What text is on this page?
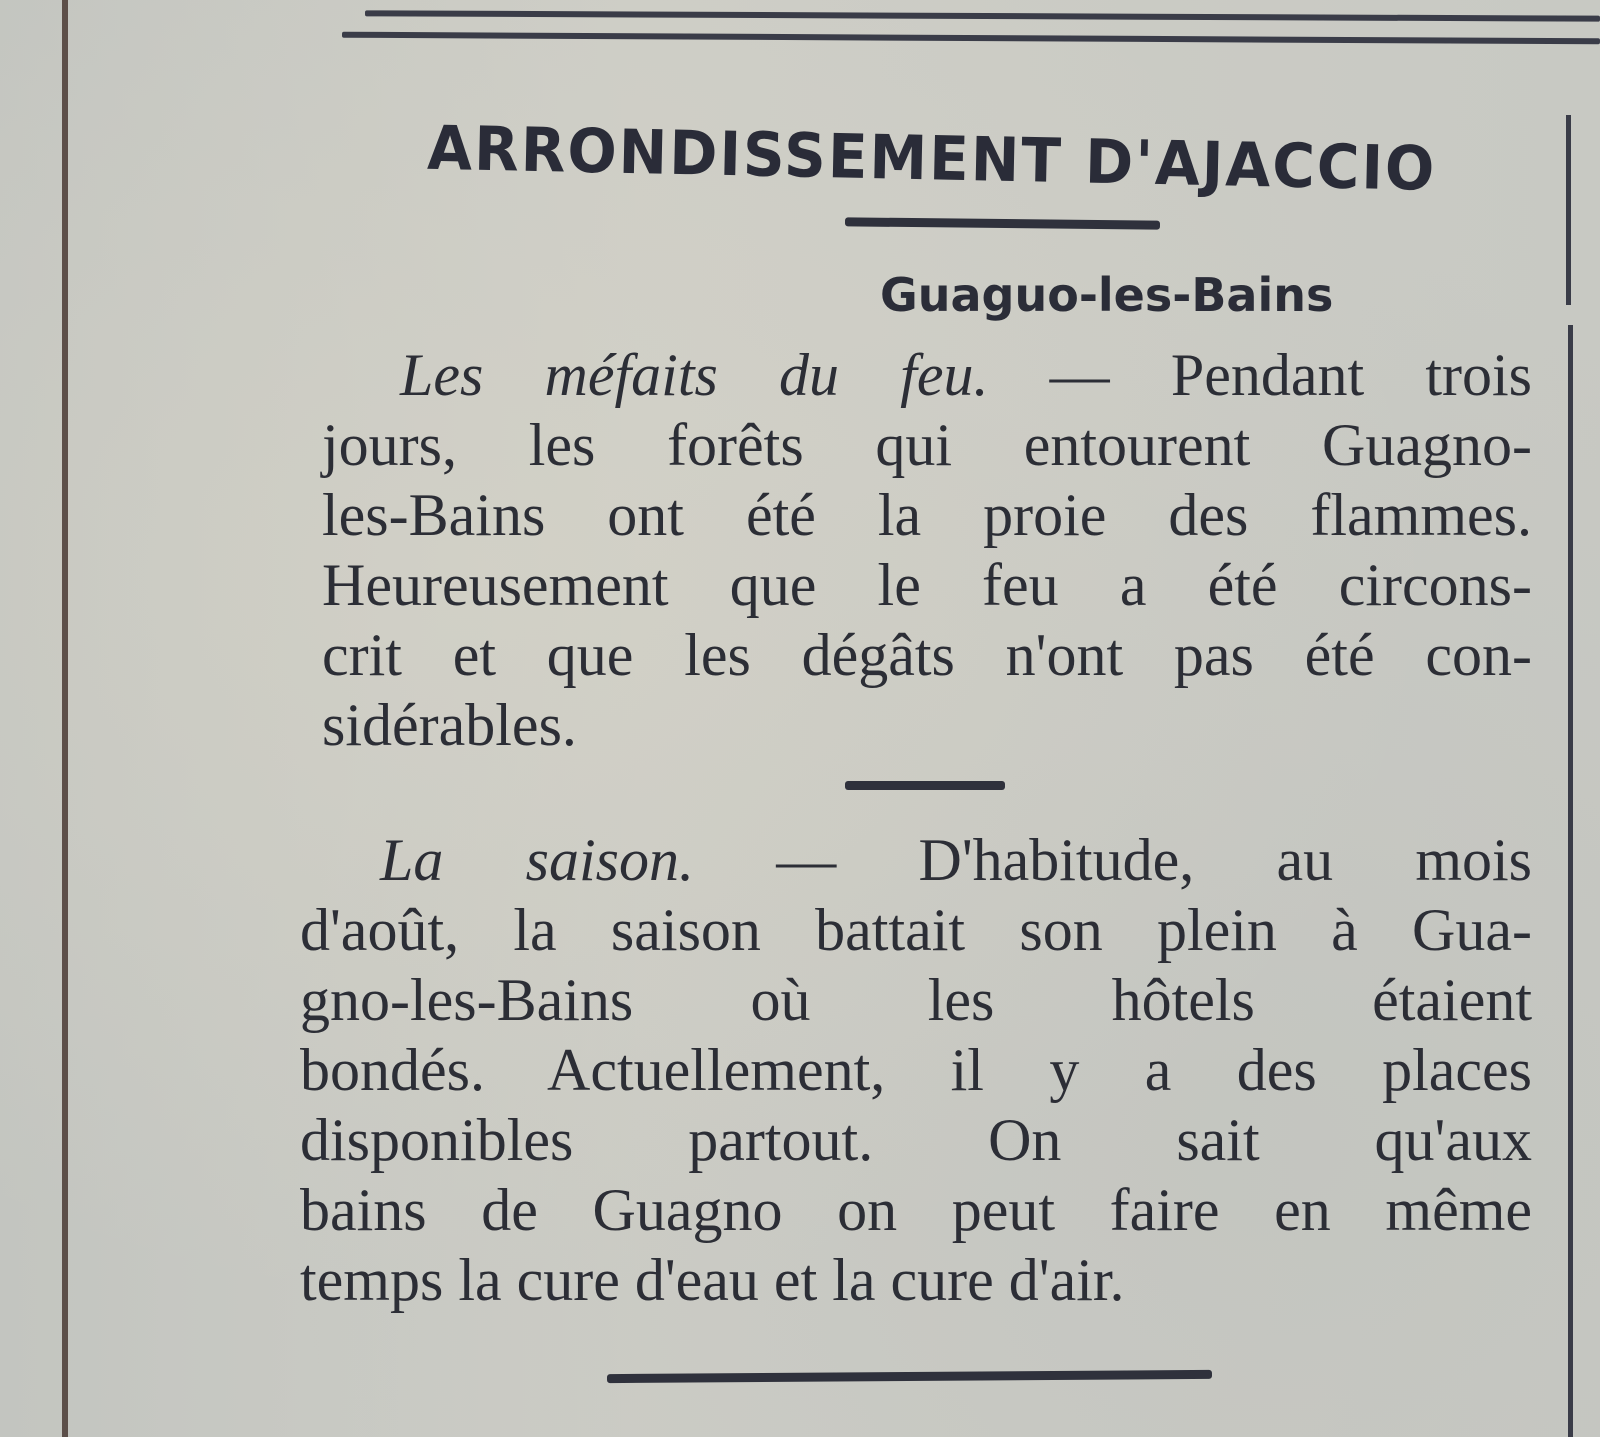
ARRONDISSEMENT D'AJACCIO
Guaguo-les-Bains
Les méfaits du feu. — Pendant trois
jours, les forêts qui entourent Guagno-
les-Bains ont été la proie des flammes.
Heureusement que le feu a été circons-
crit et que les dégâts n'ont pas été con-
sidérables.
La saison. — D'habitude, au mois
d'août, la saison battait son plein à Gua-
gno-les-Bains où les hôtels étaient
bondés. Actuellement, il y a des places
disponibles partout. On sait qu'aux
bains de Guagno on peut faire en même
temps la cure d'eau et la cure d'air.
